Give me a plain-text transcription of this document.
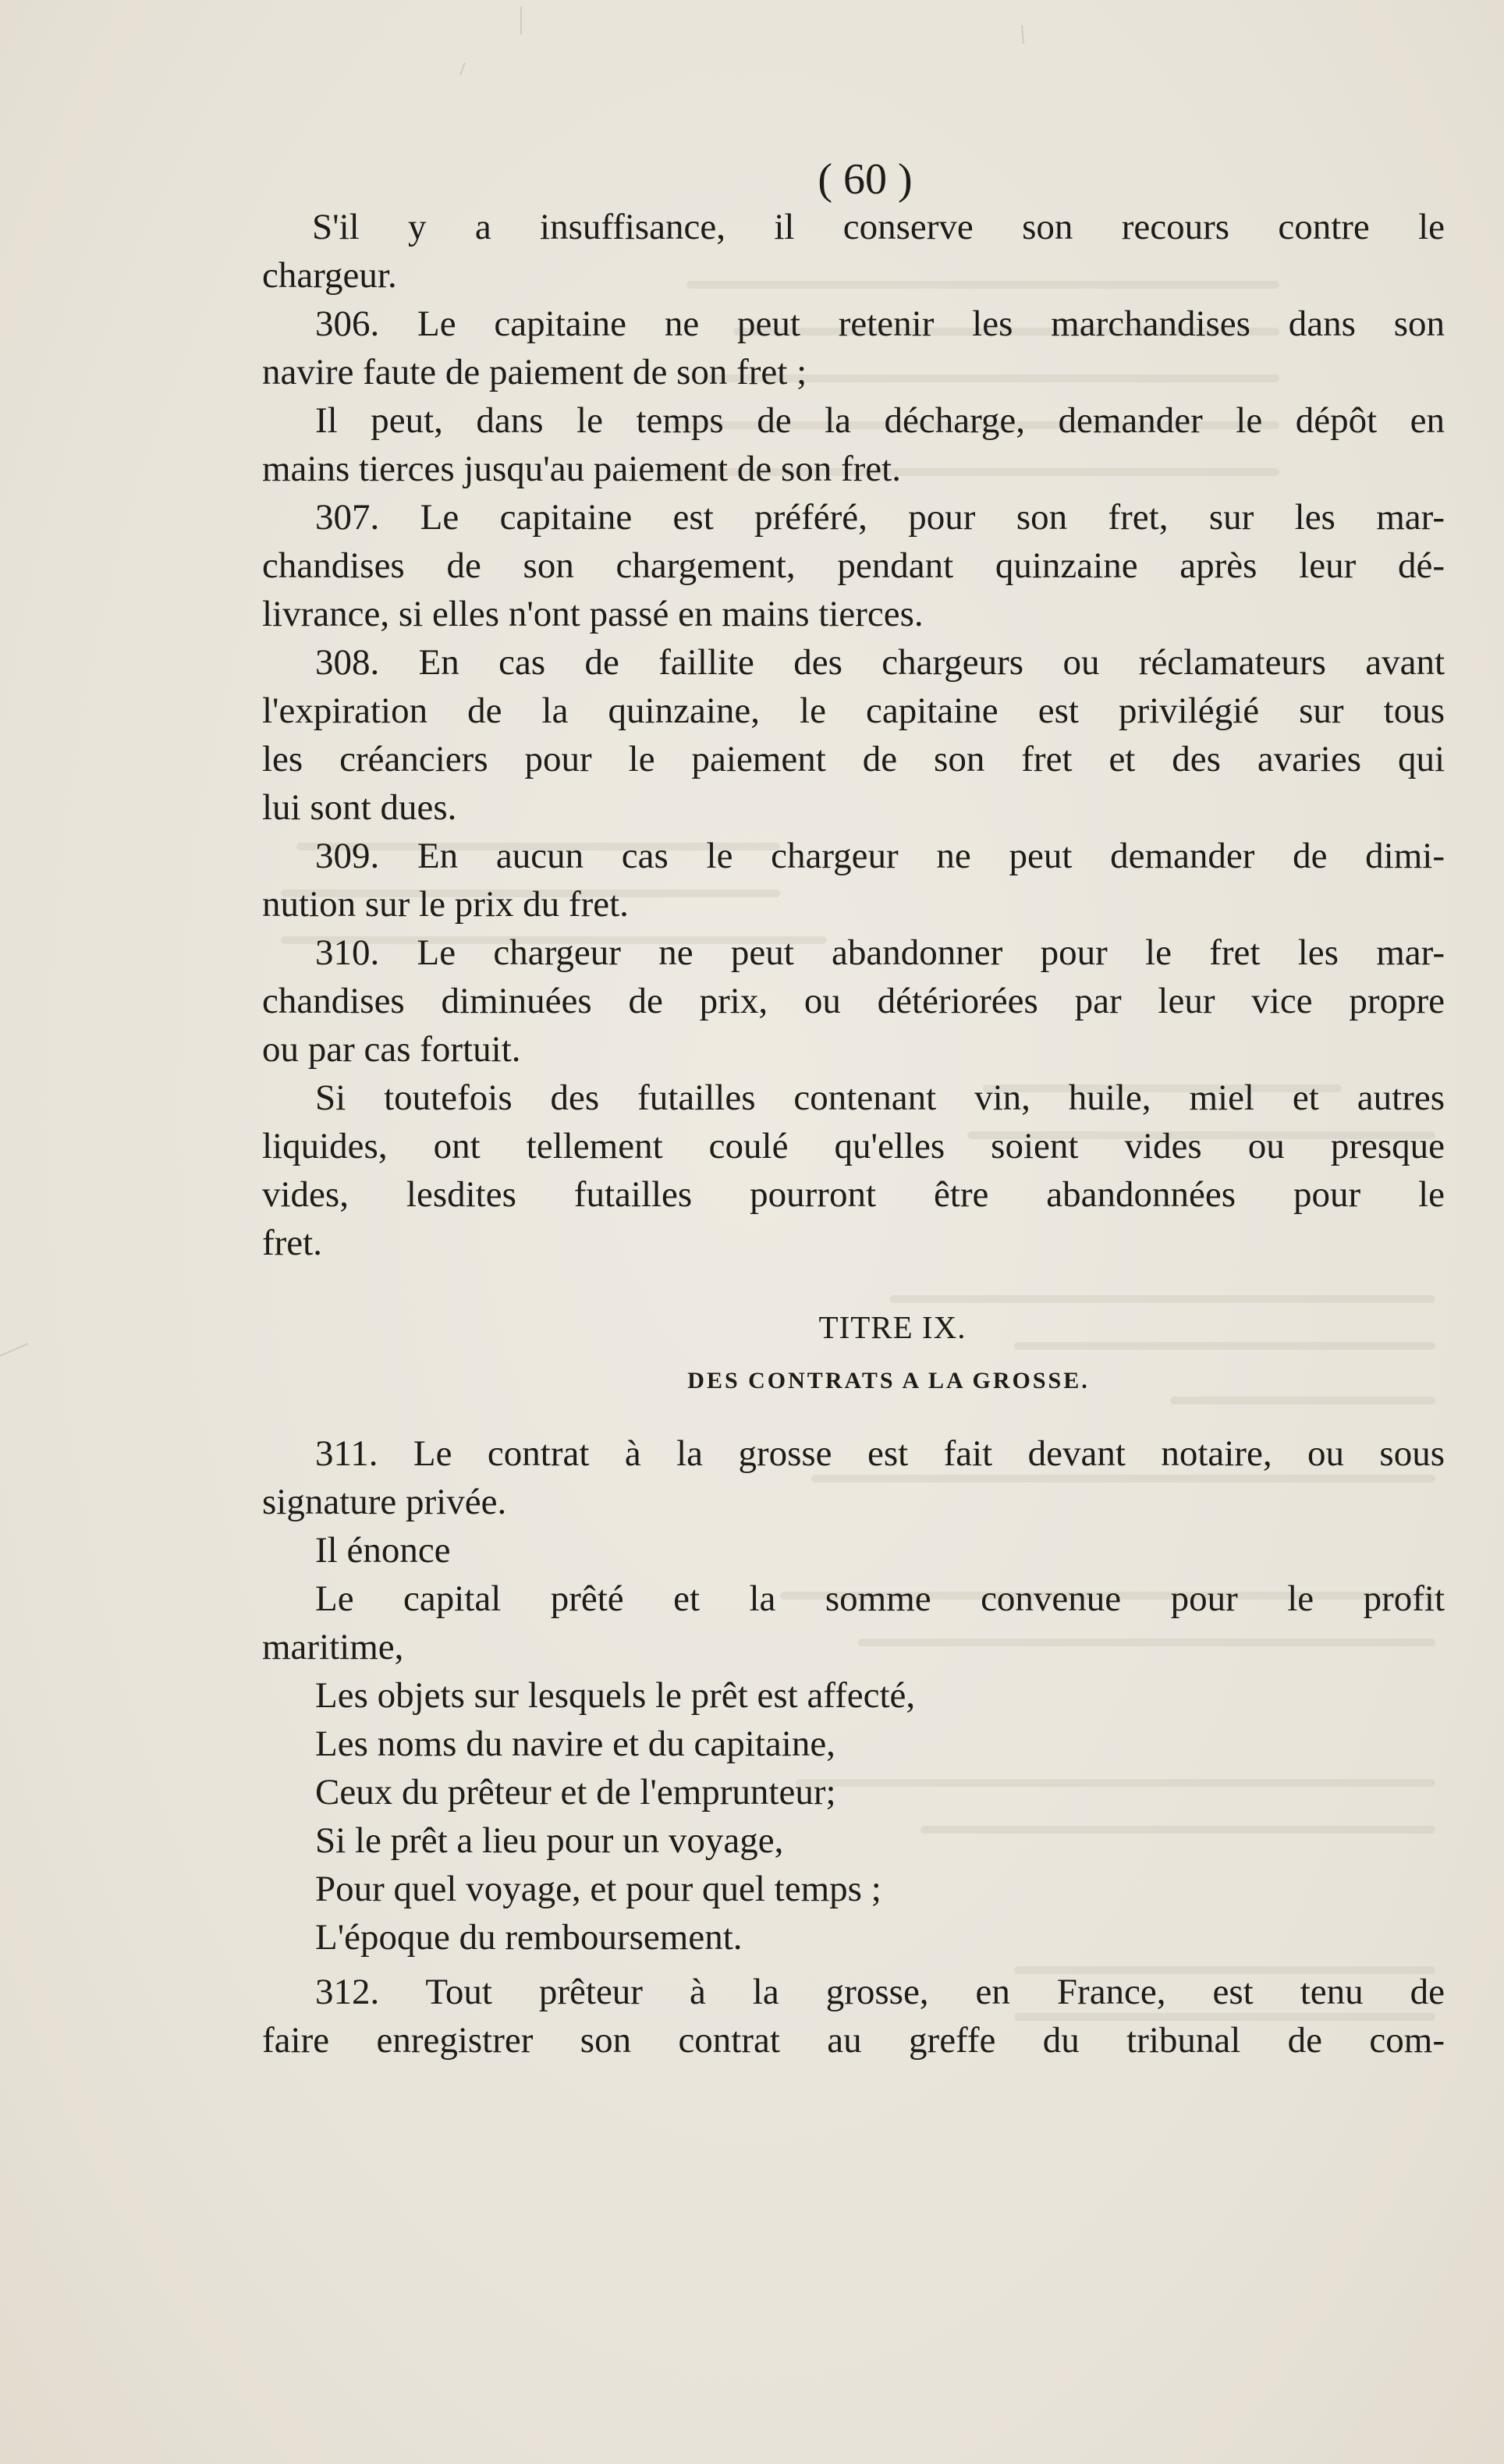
( 60 )
S'il y a insuffisance, il conserve son recours contre le
chargeur.
306. Le capitaine ne peut retenir les marchandises dans son
navire faute de paiement de son fret ;
Il peut, dans le temps de la décharge, demander le dépôt en
mains tierces jusqu'au paiement de son fret.
307. Le capitaine est préféré, pour son fret, sur les mar-
chandises de son chargement, pendant quinzaine après leur dé-
livrance, si elles n'ont passé en mains tierces.
308. En cas de faillite des chargeurs ou réclamateurs avant
l'expiration de la quinzaine, le capitaine est privilégié sur tous
les créanciers pour le paiement de son fret et des avaries qui
lui sont dues.
309. En aucun cas le chargeur ne peut demander de dimi-
nution sur le prix du fret.
310. Le chargeur ne peut abandonner pour le fret les mar-
chandises diminuées de prix, ou détériorées par leur vice propre
ou par cas fortuit.
Si toutefois des futailles contenant vin, huile, miel et autres
liquides, ont tellement coulé qu'elles soient vides ou presque
vides, lesdites futailles pourront être abandonnées pour le
fret.
TITRE IX.
DES CONTRATS A LA GROSSE.
311. Le contrat à la grosse est fait devant notaire, ou sous
signature privée.
Il énonce
Le capital prêté et la somme convenue pour le profit
maritime,
Les objets sur lesquels le prêt est affecté,
Les noms du navire et du capitaine,
Ceux du prêteur et de l'emprunteur;
Si le prêt a lieu pour un voyage,
Pour quel voyage, et pour quel temps ;
L'époque du remboursement.
312. Tout prêteur à la grosse, en France, est tenu de
faire enregistrer son contrat au greffe du tribunal de com-
